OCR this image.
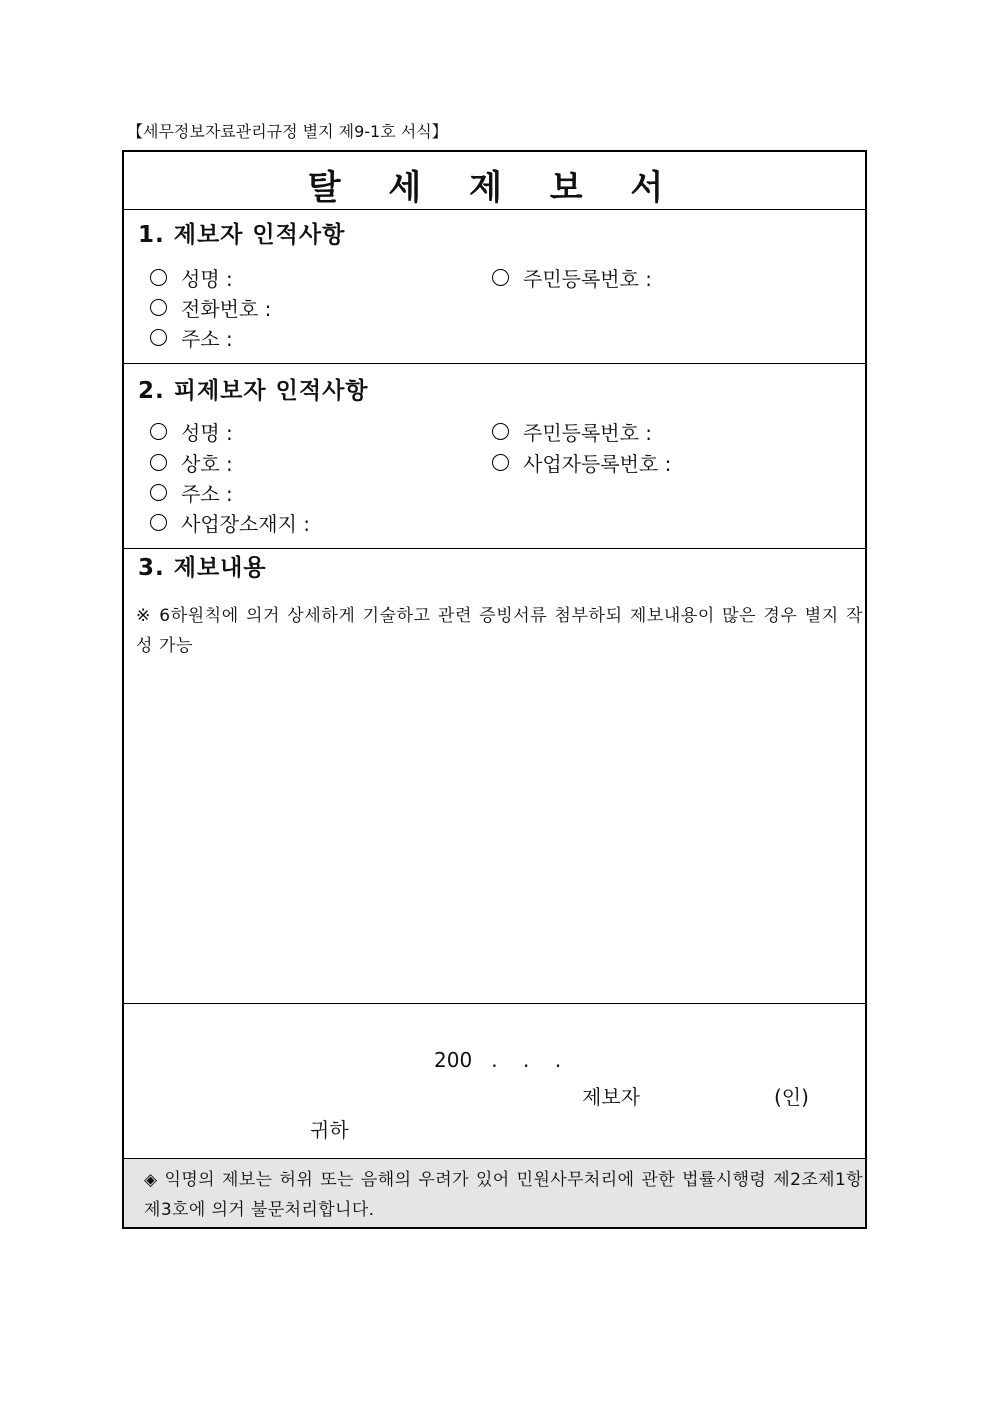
【세무정보자료관리규정 별지 제9-1호 서식】
탈 세 제 보 서
1. 제보자 인적사항
성명 :	주민등록번호 :
전화번호 :
주소 :
2. 피제보자 인적사항
성명 :	주민등록번호 :
상호 :	사업자등록번호 :
주소 :
사업장소재지 :
3. 제보내용
※ 6하원칙에 의거 상세하게 기술하고 관련 증빙서류 첨부하되 제보내용이 많은 경우 별지 작성 가능
200   .    .    .
제보자	(인)
귀하
◈ 익명의 제보는 허위 또는 음해의 우려가 있어 민원사무처리에 관한 법률시행령 제2조제1항제3호에 의거 불문처리합니다.
